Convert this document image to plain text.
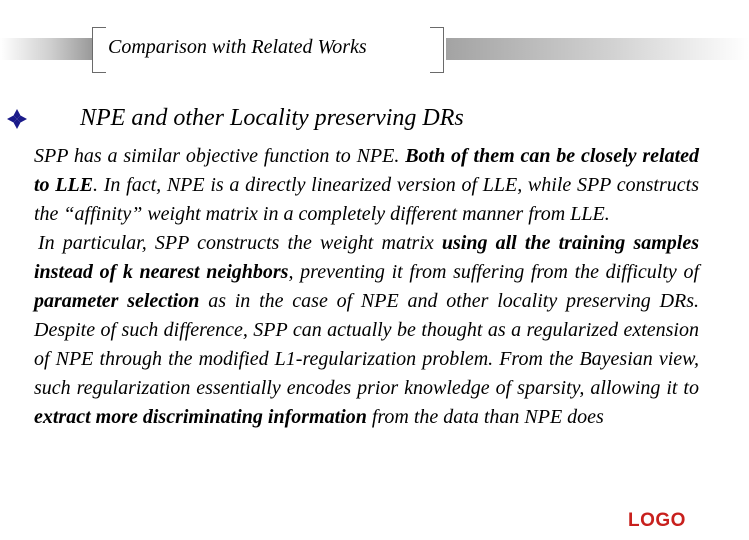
Comparison with Related Works
NPE and other Locality preserving DRs

SPP has a similar objective function to NPE. Both of them can be closely related to LLE. In fact, NPE is a directly linearized version of LLE, while SPP constructs the “affinity” weight matrix in a completely different manner from LLE.

In particular, SPP constructs the weight matrix using all the training samples instead of k nearest neighbors, preventing it from suffering from the difficulty of parameter selection as in the case of NPE and other locality preserving DRs. Despite of such difference, SPP can actually be thought as a regularized extension of NPE through the modified L1-regularization problem. From the Bayesian view, such regularization essentially encodes prior knowledge of sparsity, allowing it to extract more discriminating information from the data than NPE does

LOGO
